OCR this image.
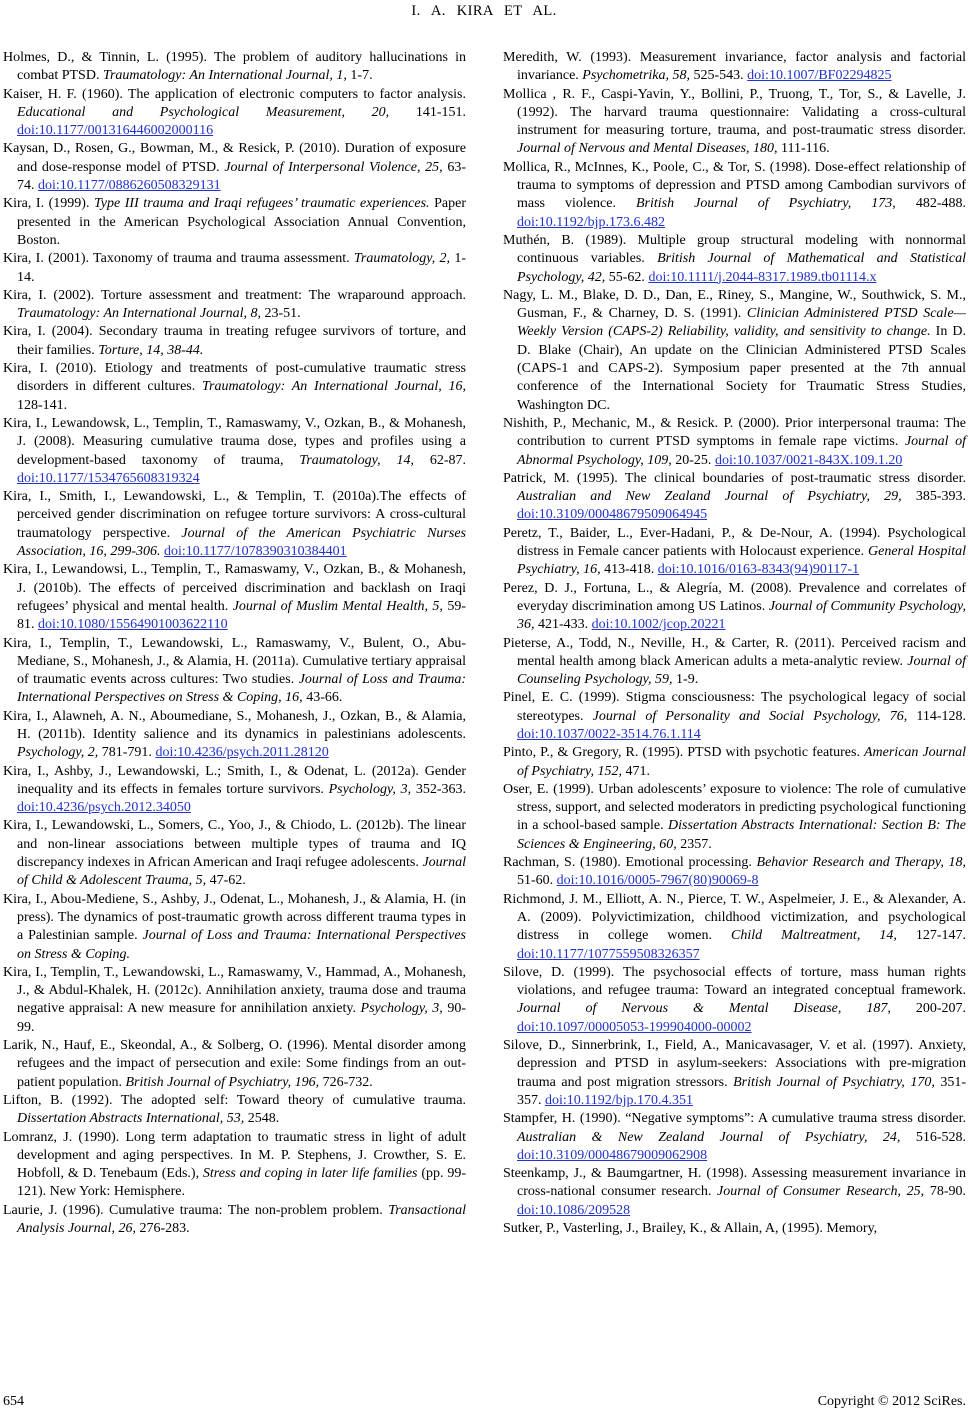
I. A. KIRA ET AL.

Holmes, D., & Tinnin, L. (1995). The problem of auditory hallucinations in combat PTSD. Traumatology: An International Journal, 1, 1-7.

Kaiser, H. F. (1960). The application of electronic computers to factor analysis. Educational and Psychological Measurement, 20, 141-151. doi:10.1177/001316446002000116

Kaysan, D., Rosen, G., Bowman, M., & Resick, P. (2010). Duration of exposure and dose-response model of PTSD. Journal of Interpersonal Violence, 25, 63-74. doi:10.1177/0886260508329131

Kira, I. (1999). Type III trauma and Iraqi refugees’ traumatic experiences. Paper presented in the American Psychological Association Annual Convention, Boston.

Kira, I. (2001). Taxonomy of trauma and trauma assessment. Traumatology, 2, 1-14.

Kira, I. (2002). Torture assessment and treatment: The wraparound approach. Traumatology: An International Journal, 8, 23-51.

Kira, I. (2004). Secondary trauma in treating refugee survivors of torture, and their families. Torture, 14, 38-44.

Kira, I. (2010). Etiology and treatments of post-cumulative traumatic stress disorders in different cultures. Traumatology: An International Journal, 16, 128-141.

Kira, I., Lewandowsk, L., Templin, T., Ramaswamy, V., Ozkan, B., & Mohanesh, J. (2008). Measuring cumulative trauma dose, types and profiles using a development-based taxonomy of trauma, Traumatology, 14, 62-87. doi:10.1177/1534765608319324

Kira, I., Smith, I., Lewandowski, L., & Templin, T. (2010a).The effects of perceived gender discrimination on refugee torture survivors: A cross-cultural traumatology perspective. Journal of the American Psychiatric Nurses Association, 16, 299-306. doi:10.1177/1078390310384401

Kira, I., Lewandowsi, L., Templin, T., Ramaswamy, V., Ozkan, B., & Mohanesh, J. (2010b). The effects of perceived discrimination and backlash on Iraqi refugees’ physical and mental health. Journal of Muslim Mental Health, 5, 59-81. doi:10.1080/15564901003622110

Kira, I., Templin, T., Lewandowski, L., Ramaswamy, V., Bulent, O., Abu-Mediane, S., Mohanesh, J., & Alamia, H. (2011a). Cumulative tertiary appraisal of traumatic events across cultures: Two studies. Journal of Loss and Trauma: International Perspectives on Stress & Coping, 16, 43-66.

Kira, I., Alawneh, A. N., Aboumediane, S., Mohanesh, J., Ozkan, B., & Alamia, H. (2011b). Identity salience and its dynamics in palestinians adolescents. Psychology, 2, 781-791. doi:10.4236/psych.2011.28120

Kira, I., Ashby, J., Lewandowski, L.; Smith, I., & Odenat, L. (2012a). Gender inequality and its effects in females torture survivors. Psychology, 3, 352-363. doi:10.4236/psych.2012.34050

Kira, I., Lewandowski, L., Somers, C., Yoo, J., & Chiodo, L. (2012b). The linear and non-linear associations between multiple types of trauma and IQ discrepancy indexes in African American and Iraqi refugee adolescents. Journal of Child & Adolescent Trauma, 5, 47-62.

Kira, I., Abou-Mediene, S., Ashby, J., Odenat, L., Mohanesh, J., & Alamia, H. (in press). The dynamics of post-traumatic growth across different trauma types in a Palestinian sample. Journal of Loss and Trauma: International Perspectives on Stress & Coping.

Kira, I., Templin, T., Lewandowski, L., Ramaswamy, V., Hammad, A., Mohanesh, J., & Abdul-Khalek, H. (2012c). Annihilation anxiety, trauma dose and trauma negative appraisal: A new measure for annihilation anxiety. Psychology, 3, 90-99.

Larik, N., Hauf, E., Skeondal, A., & Solberg, O. (1996). Mental disorder among refugees and the impact of persecution and exile: Some findings from an out-patient population. British Journal of Psychiatry, 196, 726-732.

Lifton, B. (1992). The adopted self: Toward theory of cumulative trauma. Dissertation Abstracts International, 53, 2548.

Lomranz, J. (1990). Long term adaptation to traumatic stress in light of adult development and aging perspectives. In M. P. Stephens, J. Crowther, S. E. Hobfoll, & D. Tenebaum (Eds.), Stress and coping in later life families (pp. 99-121). New York: Hemisphere.

Laurie, J. (1996). Cumulative trauma: The non-problem problem. Transactional Analysis Journal, 26, 276-283.

Meredith, W. (1993). Measurement invariance, factor analysis and factorial invariance. Psychometrika, 58, 525-543. doi:10.1007/BF02294825

Mollica , R. F., Caspi-Yavin, Y., Bollini, P., Truong, T., Tor, S., & Lavelle, J. (1992). The harvard trauma questionnaire: Validating a cross-cultural instrument for measuring torture, trauma, and post-traumatic stress disorder. Journal of Nervous and Mental Diseases, 180, 111-116.

Mollica, R., McInnes, K., Poole, C., & Tor, S. (1998). Dose-effect relationship of trauma to symptoms of depression and PTSD among Cambodian survivors of mass violence. British Journal of Psychiatry, 173, 482-488. doi:10.1192/bjp.173.6.482

Muthén, B. (1989). Multiple group structural modeling with nonnormal continuous variables. British Journal of Mathematical and Statistical Psychology, 42, 55-62. doi:10.1111/j.2044-8317.1989.tb01114.x

Nagy, L. M., Blake, D. D., Dan, E., Riney, S., Mangine, W., Southwick, S. M., Gusman, F., & Charney, D. S. (1991). Clinician Administered PTSD Scale—Weekly Version (CAPS-2) Reliability, validity, and sensitivity to change. In D. D. Blake (Chair), An update on the Clinician Administered PTSD Scales (CAPS-1 and CAPS-2). Symposium paper presented at the 7th annual conference of the International Society for Traumatic Stress Studies, Washington DC.

Nishith, P., Mechanic, M., & Resick. P. (2000). Prior interpersonal trauma: The contribution to current PTSD symptoms in female rape victims. Journal of Abnormal Psychology, 109, 20-25. doi:10.1037/0021-843X.109.1.20

Patrick, M. (1995). The clinical boundaries of post-traumatic stress disorder. Australian and New Zealand Journal of Psychiatry, 29, 385-393. doi:10.3109/00048679509064945

Peretz, T., Baider, L., Ever-Hadani, P., & De-Nour, A. (1994). Psychological distress in Female cancer patients with Holocaust experience. General Hospital Psychiatry, 16, 413-418. doi:10.1016/0163-8343(94)90117-1

Perez, D. J., Fortuna, L., & Alegría, M. (2008). Prevalence and correlates of everyday discrimination among US Latinos. Journal of Community Psychology, 36, 421-433. doi:10.1002/jcop.20221

Pieterse, A., Todd, N., Neville, H., & Carter, R. (2011). Perceived racism and mental health among black American adults a meta-analytic review. Journal of Counseling Psychology, 59, 1-9.

Pinel, E. C. (1999). Stigma consciousness: The psychological legacy of social stereotypes. Journal of Personality and Social Psychology, 76, 114-128. doi:10.1037/0022-3514.76.1.114

Pinto, P., & Gregory, R. (1995). PTSD with psychotic features. American Journal of Psychiatry, 152, 471.

Oser, E. (1999). Urban adolescents’ exposure to violence: The role of cumulative stress, support, and selected moderators in predicting psychological functioning in a school-based sample. Dissertation Abstracts International: Section B: The Sciences & Engineering, 60, 2357.

Rachman, S. (1980). Emotional processing. Behavior Research and Therapy, 18, 51-60. doi:10.1016/0005-7967(80)90069-8

Richmond, J. M., Elliott, A. N., Pierce, T. W., Aspelmeier, J. E., & Alexander, A. A. (2009). Polyvictimization, childhood victimization, and psychological distress in college women. Child Maltreatment, 14, 127-147. doi:10.1177/1077559508326357

Silove, D. (1999). The psychosocial effects of torture, mass human rights violations, and refugee trauma: Toward an integrated conceptual framework. Journal of Nervous & Mental Disease, 187, 200-207. doi:10.1097/00005053-199904000-00002

Silove, D., Sinnerbrink, I., Field, A., Manicavasager, V. et al. (1997). Anxiety, depression and PTSD in asylum-seekers: Associations with pre-migration trauma and post migration stressors. British Journal of Psychiatry, 170, 351-357. doi:10.1192/bjp.170.4.351

Stampfer, H. (1990). “Negative symptoms”: A cumulative trauma stress disorder. Australian & New Zealand Journal of Psychiatry, 24, 516-528. doi:10.3109/00048679009062908

Steenkamp, J., & Baumgartner, H. (1998). Assessing measurement invariance in cross-national consumer research. Journal of Consumer Research, 25, 78-90. doi:10.1086/209528

Sutker, P., Vasterling, J., Brailey, K., & Allain, A, (1995). Memory,

654	Copyright © 2012 SciRes.
